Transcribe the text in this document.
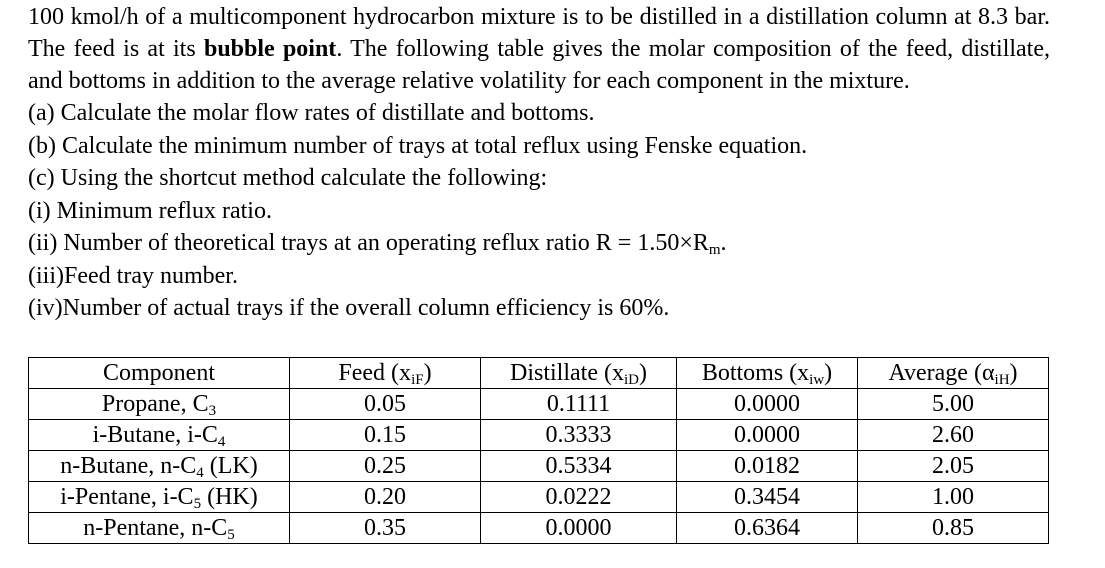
100 kmol/h of a multicomponent hydrocarbon mixture is to be distilled in a distillation column at 8.3 bar. The feed is at its bubble point. The following table gives the molar composition of the feed, distillate, and bottoms in addition to the average relative volatility for each component in the mixture.

(a) Calculate the molar flow rates of distillate and bottoms.
(b) Calculate the minimum number of trays at total reflux using Fenske equation.
(c) Using the shortcut method calculate the following:
(i) Minimum reflux ratio.
(ii) Number of theoretical trays at an operating reflux ratio $R = 1.50\times R_m$.
(iii)Feed tray number.
(iv)Number of actual trays if the overall column efficiency is 60%.
Component	Feed $(x_{iF})$	Distillate $(x_{iD})$	Bottoms $(x_{iw})$	Average $(\alpha_{iH})$
Propane, $C_3$	0.05	0.1111	0.0000	5.00
i-Butane, $i-C_4$	0.15	0.3333	0.0000	2.60
n-Butane, $n-C_4$ (LK)	0.25	0.5334	0.0182	2.05
i-Pentane, $i-C_5$ (HK)	0.20	0.0222	0.3454	1.00
n-Pentane, $n-C_5$	0.35	0.0000	0.6364	0.85
